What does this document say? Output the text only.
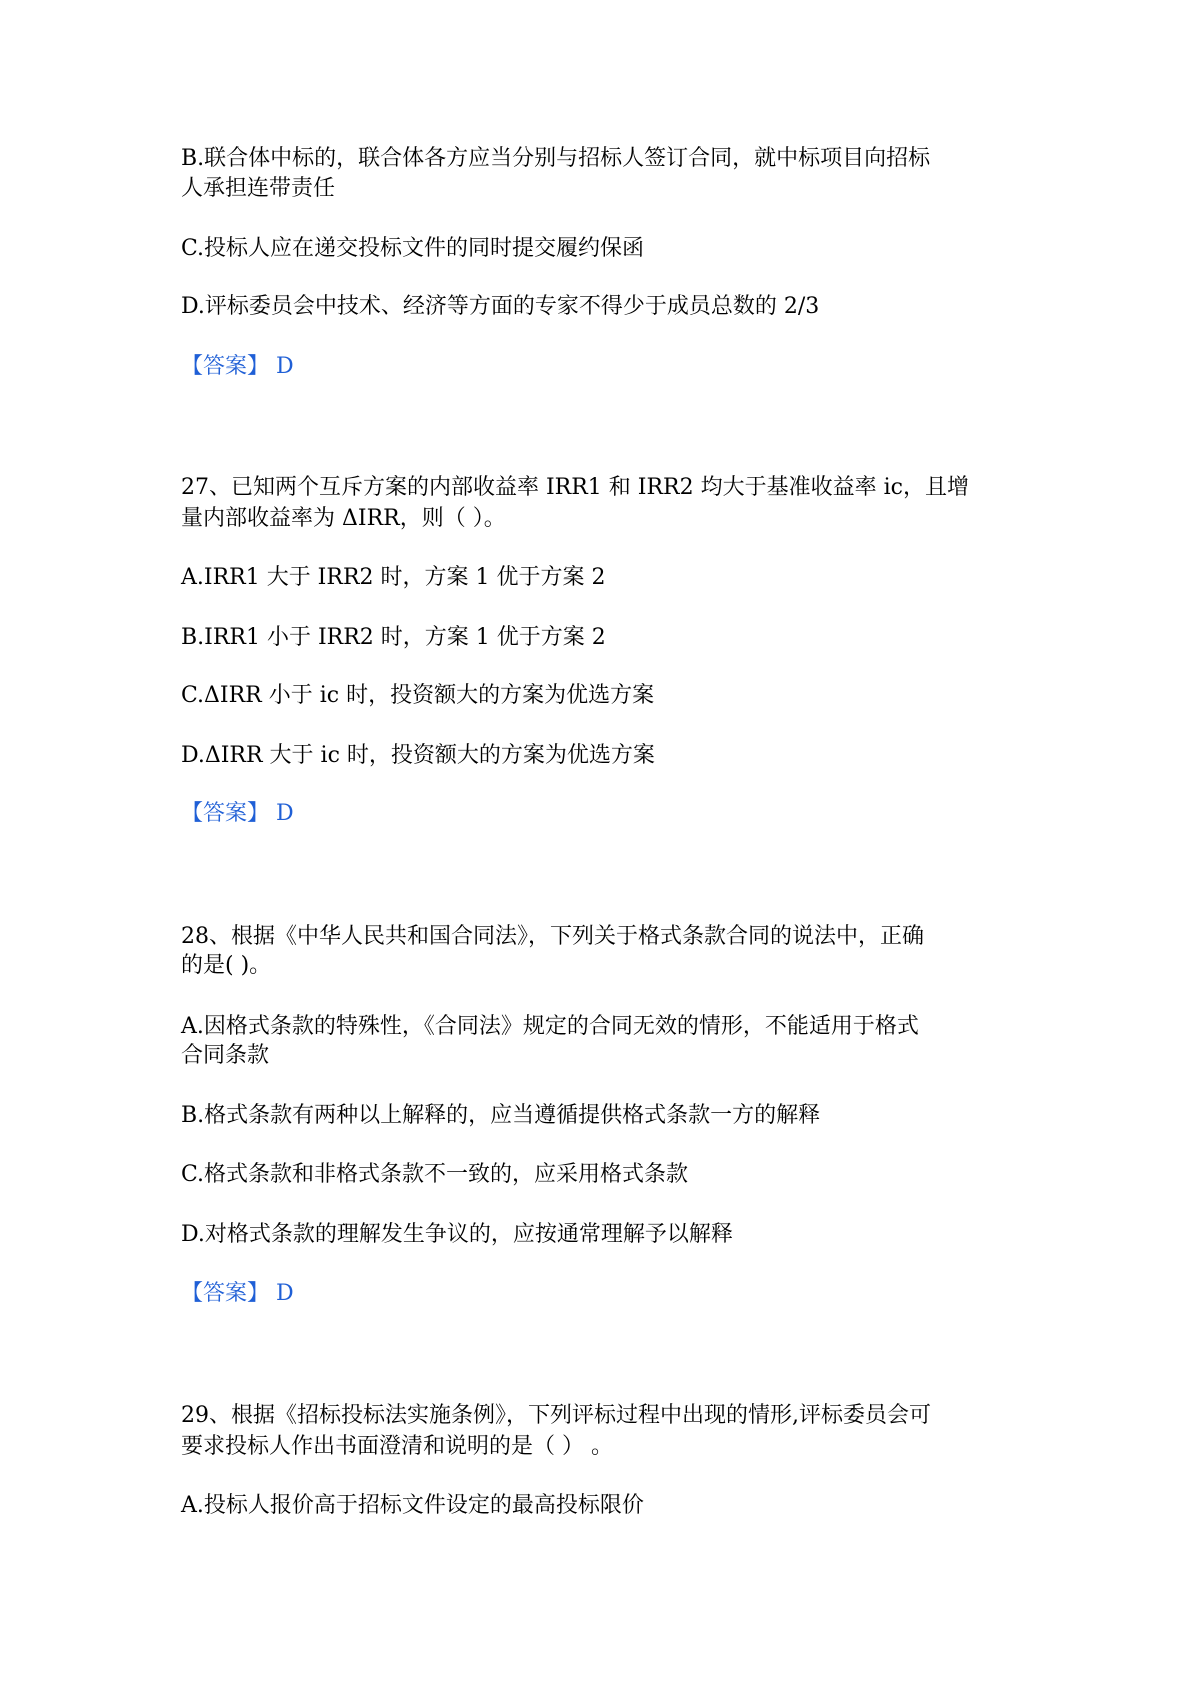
B.联合体中标的，联合体各方应当分别与招标人签订合同，就中标项目向招标
人承担连带责任
C.投标人应在递交投标文件的同时提交履约保函
D.评标委员会中技术、经济等方面的专家不得少于成员总数的 2/3
【答案】 D
27、已知两个互斥方案的内部收益率 IRR1 和 IRR2 均大于基准收益率 ic，且增
量内部收益率为 ΔIRR，则（ ）。
A.IRR1 大于 IRR2 时，方案 1 优于方案 2
B.IRR1 小于 IRR2 时，方案 1 优于方案 2
C.ΔIRR 小于 ic 时，投资额大的方案为优选方案
D.ΔIRR 大于 ic 时，投资额大的方案为优选方案
【答案】 D
28、根据《中华人民共和国合同法》，下列关于格式条款合同的说法中，正确
的是( )。
A.因格式条款的特殊性，《合同法》规定的合同无效的情形，不能适用于格式
合同条款
B.格式条款有两种以上解释的，应当遵循提供格式条款一方的解释
C.格式条款和非格式条款不一致的，应采用格式条款
D.对格式条款的理解发生争议的，应按通常理解予以解释
【答案】 D
29、根据《招标投标法实施条例》，下列评标过程中出现的情形,评标委员会可
要求投标人作出书面澄清和说明的是（ ） 。
A.投标人报价高于招标文件设定的最高投标限价
